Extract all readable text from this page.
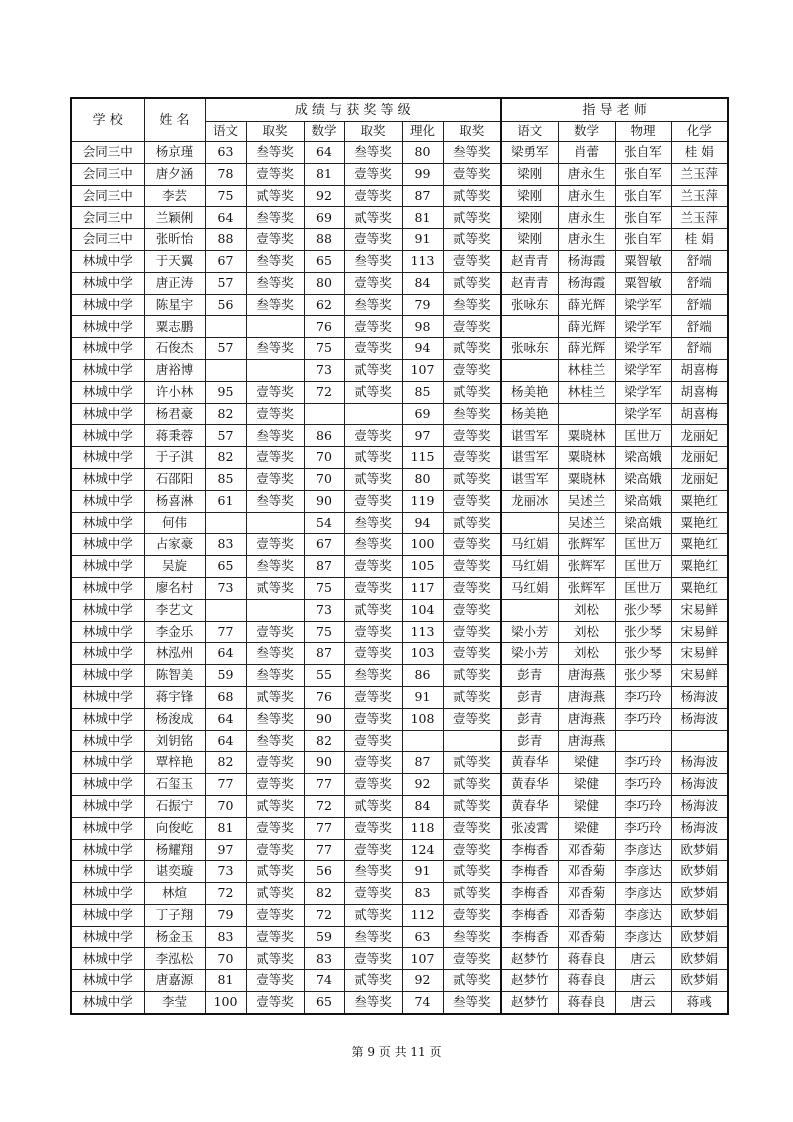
学 校	姓 名	成 绩 与 获 奖 等 级						指 导 老 师			
		语文	取奖	数学	取奖	理化	取奖	语文	数学	物理	化学
会同三中	杨京瑾	63	叁等奖	64	叁等奖	80	叁等奖	梁勇军	肖蕾	张自军	桂 娟
会同三中	唐夕涵	78	壹等奖	81	壹等奖	99	壹等奖	梁刚	唐永生	张自军	兰玉萍
会同三中	李芸	75	贰等奖	92	壹等奖	87	贰等奖	梁刚	唐永生	张自军	兰玉萍
会同三中	兰颖俐	64	叁等奖	69	贰等奖	81	贰等奖	梁刚	唐永生	张自军	兰玉萍
会同三中	张昕怡	88	壹等奖	88	壹等奖	91	贰等奖	梁刚	唐永生	张自军	桂 娟
林城中学	于天翼	67	叁等奖	65	叁等奖	113	壹等奖	赵青青	杨海霞	粟智敏	舒端
林城中学	唐正涛	57	叁等奖	80	壹等奖	84	贰等奖	赵青青	杨海霞	粟智敏	舒端
林城中学	陈星宇	56	叁等奖	62	叁等奖	79	叁等奖	张咏东	薛光辉	梁学军	舒端
林城中学	粟志鹏			76	壹等奖	98	壹等奖		薛光辉	梁学军	舒端
林城中学	石俊杰	57	叁等奖	75	壹等奖	94	贰等奖	张咏东	薛光辉	梁学军	舒端
林城中学	唐裕博			73	贰等奖	107	壹等奖		林桂兰	梁学军	胡喜梅
林城中学	许小林	95	壹等奖	72	贰等奖	85	贰等奖	杨美艳	林桂兰	梁学军	胡喜梅
林城中学	杨君豪	82	壹等奖			69	叁等奖	杨美艳		梁学军	胡喜梅
林城中学	蒋秉蓉	57	叁等奖	86	壹等奖	97	壹等奖	谌雪军	粟晓林	匡世万	龙丽妃
林城中学	于子淇	82	壹等奖	70	贰等奖	115	壹等奖	谌雪军	粟晓林	梁高娥	龙丽妃
林城中学	石邵阳	85	壹等奖	70	贰等奖	80	贰等奖	谌雪军	粟晓林	梁高娥	龙丽妃
林城中学	杨喜淋	61	叁等奖	90	壹等奖	119	壹等奖	龙丽冰	吴述兰	梁高娥	粟艳红
林城中学	何伟			54	叁等奖	94	贰等奖		吴述兰	梁高娥	粟艳红
林城中学	占家豪	83	壹等奖	67	叁等奖	100	壹等奖	马红娟	张辉军	匡世万	粟艳红
林城中学	吴旋	65	叁等奖	87	壹等奖	105	壹等奖	马红娟	张辉军	匡世万	粟艳红
林城中学	廖名村	73	贰等奖	75	壹等奖	117	壹等奖	马红娟	张辉军	匡世万	粟艳红
林城中学	李艺文			73	贰等奖	104	壹等奖		刘松	张少琴	宋易鲜
林城中学	李金乐	77	壹等奖	75	壹等奖	113	壹等奖	梁小芳	刘松	张少琴	宋易鲜
林城中学	林泓州	64	叁等奖	87	壹等奖	103	壹等奖	梁小芳	刘松	张少琴	宋易鲜
林城中学	陈智美	59	叁等奖	55	叁等奖	86	贰等奖	彭青	唐海燕	张少琴	宋易鲜
林城中学	蒋宇锋	68	贰等奖	76	壹等奖	91	贰等奖	彭青	唐海燕	李巧玲	杨海波
林城中学	杨浚成	64	叁等奖	90	壹等奖	108	壹等奖	彭青	唐海燕	李巧玲	杨海波
林城中学	刘钥铭	64	叁等奖	82	壹等奖			彭青	唐海燕		
林城中学	覃梓艳	82	壹等奖	90	壹等奖	87	贰等奖	黄春华	梁健	李巧玲	杨海波
林城中学	石玺玉	77	壹等奖	77	壹等奖	92	贰等奖	黄春华	梁健	李巧玲	杨海波
林城中学	石振宁	70	贰等奖	72	贰等奖	84	贰等奖	黄春华	梁健	李巧玲	杨海波
林城中学	向俊屹	81	壹等奖	77	壹等奖	118	壹等奖	张凌霄	梁健	李巧玲	杨海波
林城中学	杨耀翔	97	壹等奖	77	壹等奖	124	壹等奖	李梅香	邓香菊	李彦达	欧梦娟
林城中学	谌奕璇	73	贰等奖	56	叁等奖	91	贰等奖	李梅香	邓香菊	李彦达	欧梦娟
林城中学	林煊	72	贰等奖	82	壹等奖	83	贰等奖	李梅香	邓香菊	李彦达	欧梦娟
林城中学	丁子翔	79	壹等奖	72	贰等奖	112	壹等奖	李梅香	邓香菊	李彦达	欧梦娟
林城中学	杨金玉	83	壹等奖	59	叁等奖	63	叁等奖	李梅香	邓香菊	李彦达	欧梦娟
林城中学	李泓松	70	贰等奖	83	壹等奖	107	壹等奖	赵梦竹	蒋春良	唐云	欧梦娟
林城中学	唐嘉源	81	壹等奖	74	贰等奖	92	贰等奖	赵梦竹	蒋春良	唐云	欧梦娟
林城中学	李莹	100	壹等奖	65	叁等奖	74	叁等奖	赵梦竹	蒋春良	唐云	蒋彧
第 9 页 共 11 页
